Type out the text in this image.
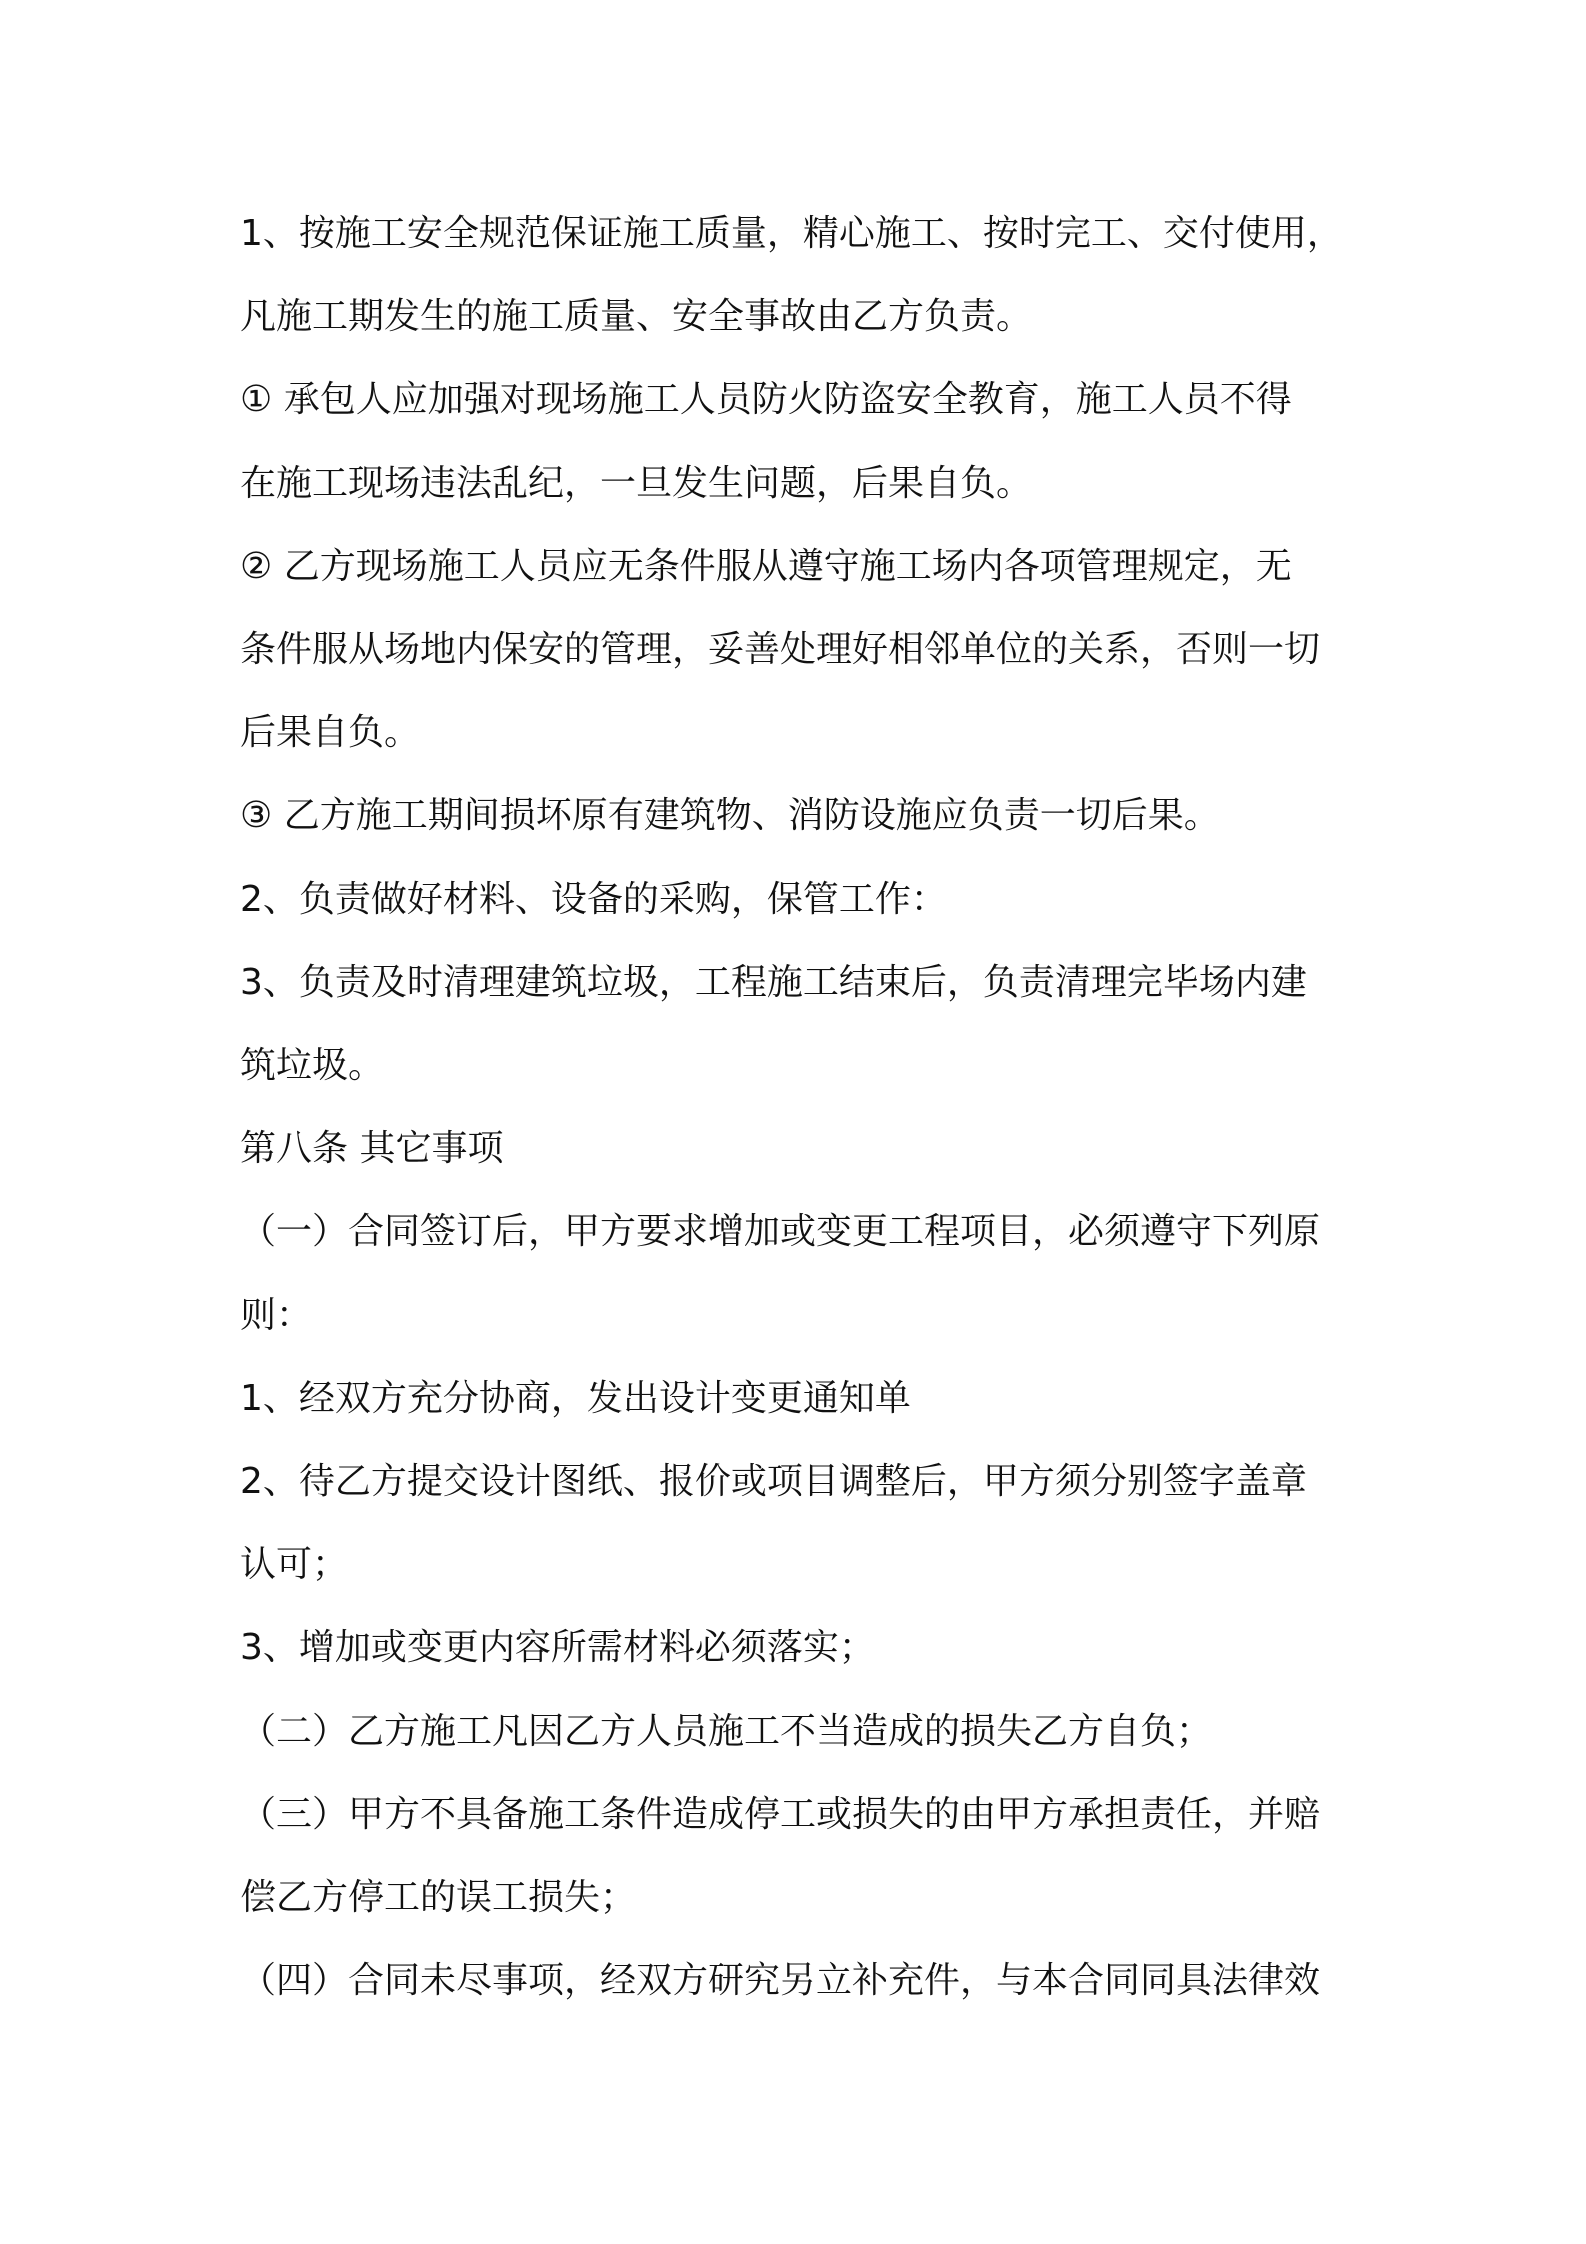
1、按施工安全规范保证施工质量，精心施工、按时完工、交付使用，

凡施工期发生的施工质量、安全事故由乙方负责。

① 承包人应加强对现场施工人员防火防盗安全教育，施工人员不得

在施工现场违法乱纪，一旦发生问题，后果自负。

② 乙方现场施工人员应无条件服从遵守施工场内各项管理规定，无

条件服从场地内保安的管理，妥善处理好相邻单位的关系，否则一切

后果自负。

③ 乙方施工期间损坏原有建筑物、消防设施应负责一切后果。

2、负责做好材料、设备的采购，保管工作：

3、负责及时清理建筑垃圾，工程施工结束后，负责清理完毕场内建

筑垃圾。

第八条 其它事项

（一）合同签订后，甲方要求增加或变更工程项目，必须遵守下列原

则：

1、经双方充分协商，发出设计变更通知单

2、待乙方提交设计图纸、报价或项目调整后，甲方须分别签字盖章

认可；

3、增加或变更内容所需材料必须落实；

（二）乙方施工凡因乙方人员施工不当造成的损失乙方自负；

（三）甲方不具备施工条件造成停工或损失的由甲方承担责任，并赔

偿乙方停工的误工损失；

（四）合同未尽事项，经双方研究另立补充件，与本合同同具法律效
